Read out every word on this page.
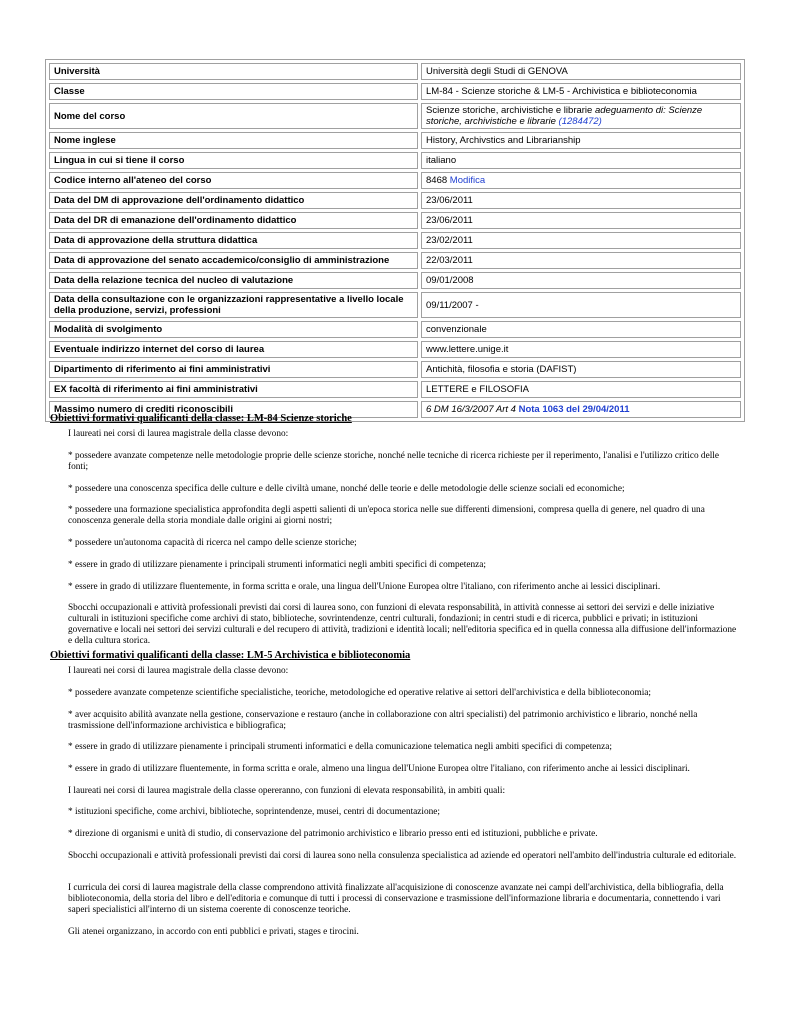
Università	Università degli Studi di GENOVA
Classe	LM-84 - Scienze storiche & LM-5 - Archivistica e biblioteconomia
Nome del corso	Scienze storiche, archivistiche e librarie adeguamento di: Scienze storiche, archivistiche e librarie (1284472)
Nome inglese	History, Archivstics and Librarianship
Lingua in cui si tiene il corso	italiano
Codice interno all'ateneo del corso	8468 Modifica
Data del DM di approvazione dell'ordinamento didattico	23/06/2011
Data del DR di emanazione dell'ordinamento didattico	23/06/2011
Data di approvazione della struttura didattica	23/02/2011
Data di approvazione del senato accademico/consiglio di amministrazione	22/03/2011
Data della relazione tecnica del nucleo di valutazione	09/01/2008
Data della consultazione con le organizzazioni rappresentative a livello locale della produzione, servizi, professioni	09/11/2007 -
Modalità di svolgimento	convenzionale
Eventuale indirizzo internet del corso di laurea	www.lettere.unige.it
Dipartimento di riferimento ai fini amministrativi	Antichità, filosofia e storia (DAFIST)
EX facoltà di riferimento ai fini amministrativi	LETTERE e FILOSOFIA
Massimo numero di crediti riconoscibili	6 DM 16/3/2007 Art 4 Nota 1063 del 29/04/2011
Obiettivi formativi qualificanti della classe: LM-84 Scienze storiche

I laureati nei corsi di laurea magistrale della classe devono:

* possedere avanzate competenze nelle metodologie proprie delle scienze storiche, nonché nelle tecniche di ricerca richieste per il reperimento, l'analisi e l'utilizzo critico delle fonti;

* possedere una conoscenza specifica delle culture e delle civiltà umane, nonché delle teorie e delle metodologie delle scienze sociali ed economiche;

* possedere una formazione specialistica approfondita degli aspetti salienti di un'epoca storica nelle sue differenti dimensioni, compresa quella di genere, nel quadro di una conoscenza generale della storia mondiale dalle origini ai giorni nostri;

* possedere un'autonoma capacità di ricerca nel campo delle scienze storiche;

* essere in grado di utilizzare pienamente i principali strumenti informatici negli ambiti specifici di competenza;

* essere in grado di utilizzare fluentemente, in forma scritta e orale, una lingua dell'Unione Europea oltre l'italiano, con riferimento anche ai lessici disciplinari.

Sbocchi occupazionali e attività professionali previsti dai corsi di laurea sono, con funzioni di elevata responsabilità, in attività connesse ai settori dei servizi e delle iniziative culturali in istituzioni specifiche come archivi di stato, biblioteche, sovrintendenze, centri culturali, fondazioni; in centri studi e di ricerca, pubblici e privati; in istituzioni governative e locali nei settori dei servizi culturali e del recupero di attività, tradizioni e identità locali; nell'editoria specifica ed in quella connessa alla diffusione dell'informazione e della cultura storica.

Obiettivi formativi qualificanti della classe: LM-5 Archivistica e biblioteconomia

I laureati nei corsi di laurea magistrale della classe devono:

* possedere avanzate competenze scientifiche specialistiche, teoriche, metodologiche ed operative relative ai settori dell'archivistica e della biblioteconomia;

* aver acquisito abilità avanzate nella gestione, conservazione e restauro (anche in collaborazione con altri specialisti) del patrimonio archivistico e librario, nonché nella trasmissione dell'informazione archivistica e bibliografica;

* essere in grado di utilizzare pienamente i principali strumenti informatici e della comunicazione telematica negli ambiti specifici di competenza;

* essere in grado di utilizzare fluentemente, in forma scritta e orale, almeno una lingua dell'Unione Europea oltre l'italiano, con riferimento anche ai lessici disciplinari.

I laureati nei corsi di laurea magistrale della classe opereranno, con funzioni di elevata responsabilità, in ambiti quali:

* istituzioni specifiche, come archivi, biblioteche, soprintendenze, musei, centri di documentazione;

* direzione di organismi e unità di studio, di conservazione del patrimonio archivistico e librario presso enti ed istituzioni, pubbliche e private.

Sbocchi occupazionali e attività professionali previsti dai corsi di laurea sono nella consulenza specialistica ad aziende ed operatori nell'ambito dell'industria culturale ed editoriale.

I curricula dei corsi di laurea magistrale della classe comprendono attività finalizzate all'acquisizione di conoscenze avanzate nei campi dell'archivistica, della bibliografia, della biblioteconomia, della storia del libro e dell'editoria e comunque di tutti i processi di conservazione e trasmissione dell'informazione libraria e documentaria, connettendo i vari saperi specialistici all'interno di un sistema coerente di conoscenze teoriche.

Gli atenei organizzano, in accordo con enti pubblici e privati, stages e tirocini.
